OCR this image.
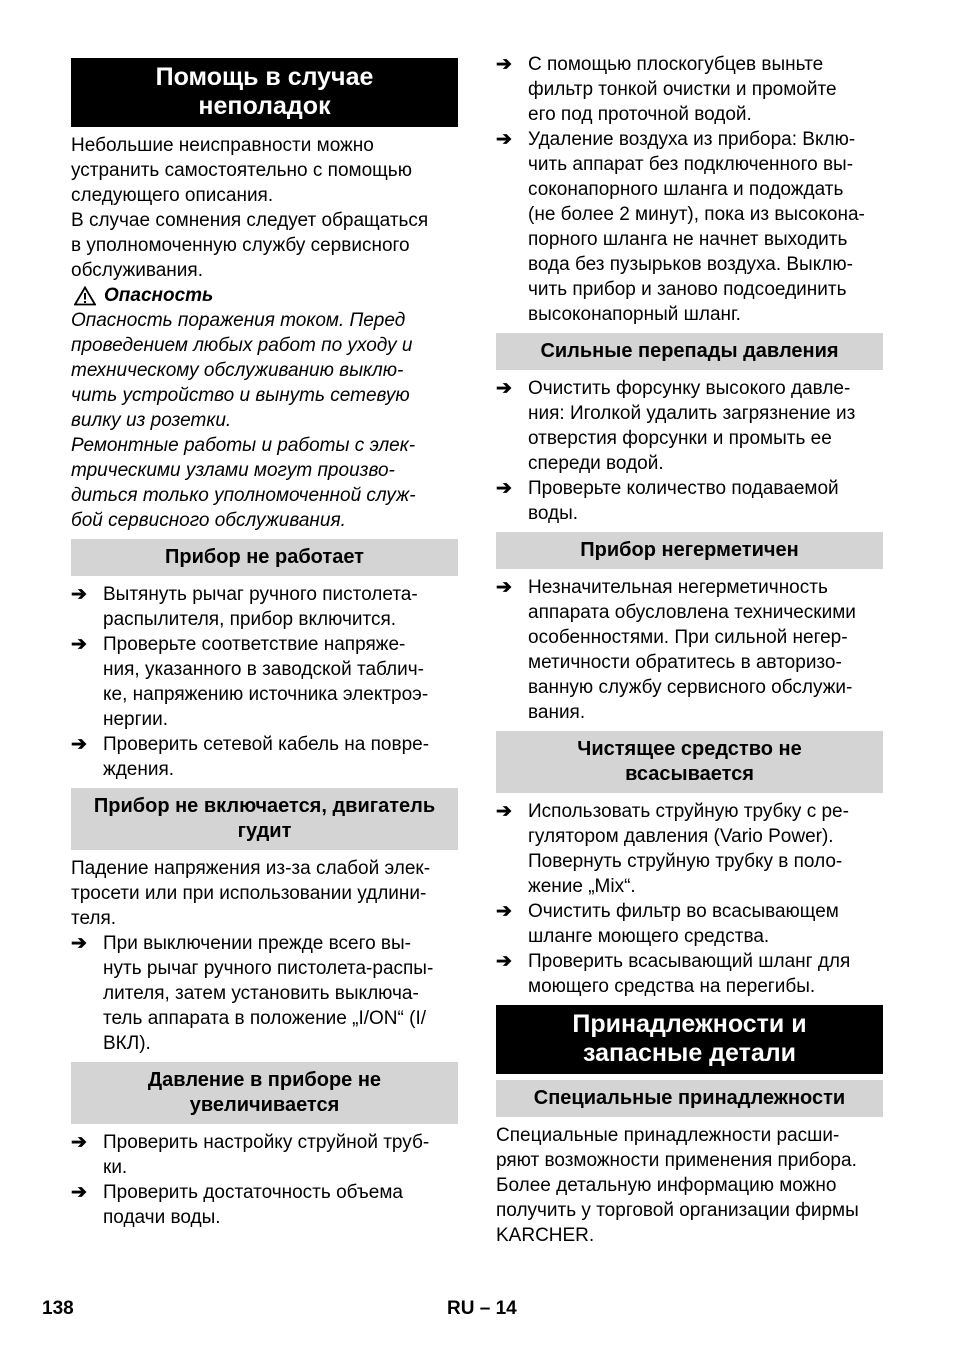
Помощь в случае
неполадок

Небольшие неисправности можно
устранить самостоятельно с помощью
следующего описания.
В случае сомнения следует обращаться
в уполномоченную службу сервисного
обслуживания.

Опасность

Опасность поражения током. Перед
проведением любых работ по уходу и
техническому обслуживанию выклю-
чить устройство и вынуть сетевую
вилку из розетки.
Ремонтные работы и работы с элек-
трическими узлами могут произво-
диться только уполномоченной служ-
бой сервисного обслуживания.

Прибор не работает
➔ Вытянуть рычаг ручного пистолета-
распылителя, прибор включится.
➔ Проверьте соответствие напряже-
ния, указанного в заводской таблич-
ке, напряжению источника электроэ-
нергии.
➔ Проверить сетевой кабель на повре-
ждения.
Прибор не включается, двигатель
гудит

Падение напряжения из-за слабой элек-
тросети или при использовании удлини-
теля.

➔ При выключении прежде всего вы-
нуть рычаг ручного пистолета-распы-
лителя, затем установить выключа-
тель аппарата в положение „I/ON“ (I/
ВКЛ).
Давление в приборе не
увеличивается
➔ Проверить настройку струйной труб-
ки.
➔ Проверить достаточность объема
подачи воды.
➔ С помощью плоскогубцев выньте
фильтр тонкой очистки и промойте
его под проточной водой.
➔ Удаление воздуха из прибора: Вклю-
чить аппарат без подключенного вы-
соконапорного шланга и подождать
(не более 2 минут), пока из высокона-
порного шланга не начнет выходить
вода без пузырьков воздуха. Выклю-
чить прибор и заново подсоединить
высоконапорный шланг.
Сильные перепады давления
➔ Очистить форсунку высокого давле-
ния: Иголкой удалить загрязнение из
отверстия форсунки и промыть ее
спереди водой.
➔ Проверьте количество подаваемой
воды.
Прибор негерметичен
➔ Незначительная негерметичность
аппарата обусловлена техническими
особенностями. При сильной негер-
метичности обратитесь в авторизо-
ванную службу сервисного обслужи-
вания.
Чистящее средство не
всасывается
➔ Использовать струйную трубку с ре-
гулятором давления (Vario Power).
Повернуть струйную трубку в поло-
жение „Mix“.
➔ Очистить фильтр во всасывающем
шланге моющего средства.
➔ Проверить всасывающий шланг для
моющего средства на перегибы.
Принадлежности и
запасные детали
Специальные принадлежности

Специальные принадлежности расши-
ряют возможности применения прибора.
Более детальную информацию можно
получить у торговой организации фирмы
KARCHER.

138	RU – 14
